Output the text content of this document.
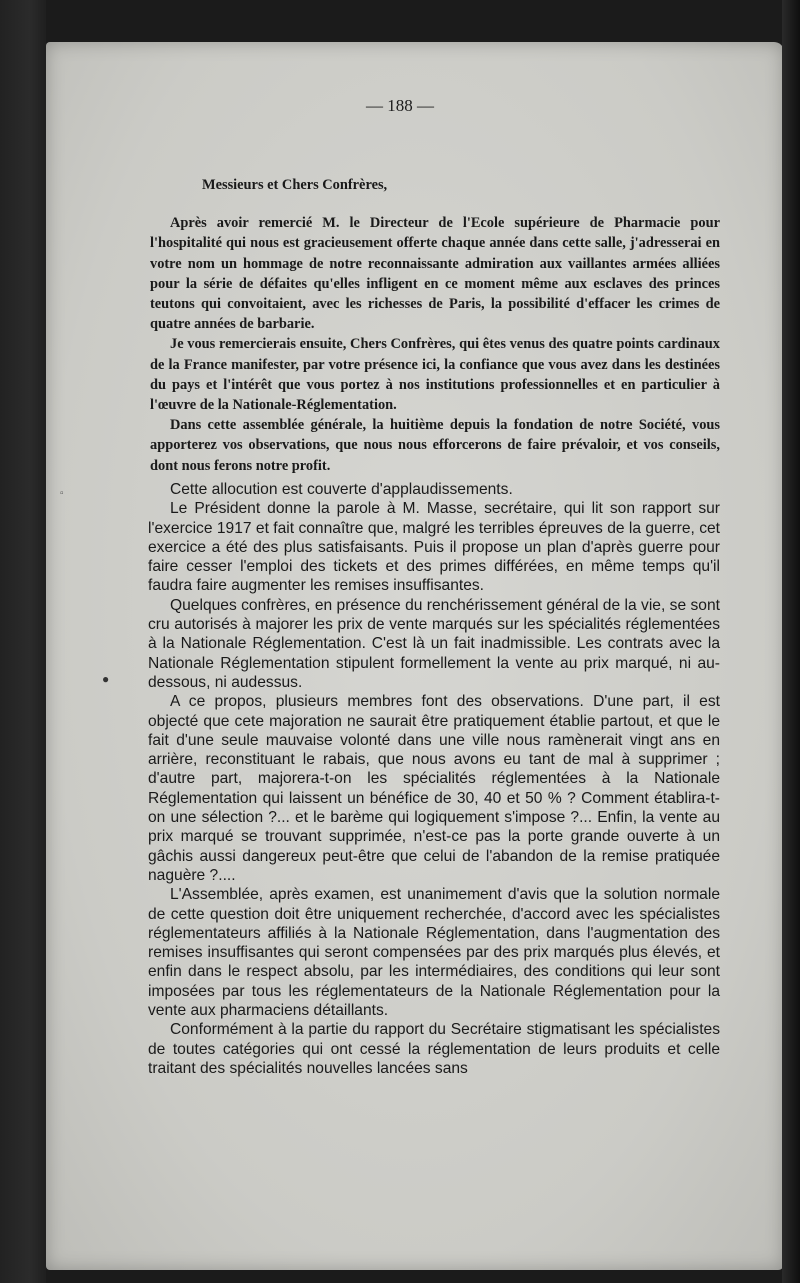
— 188 —
▫
●
Messieurs et Chers Confrères,

Après avoir remercié M. le Directeur de l'Ecole supérieure de Pharmacie pour l'hospitalité qui nous est gracieusement offerte chaque année dans cette salle, j'adresserai en votre nom un hommage de notre reconnaissante admiration aux vaillantes armées alliées pour la série de défaites qu'elles infligent en ce moment même aux esclaves des princes teutons qui convoitaient, avec les richesses de Paris, la possibilité d'effacer les crimes de quatre années de barbarie.

Je vous remercierais ensuite, Chers Confrères, qui êtes venus des quatre points cardinaux de la France manifester, par votre présence ici, la confiance que vous avez dans les destinées du pays et l'intérêt que vous portez à nos institutions professionnelles et en particulier à l'œuvre de la Nationale-Réglementation.

Dans cette assemblée générale, la huitième depuis la fondation de notre Société, vous apporterez vos observations, que nous nous efforcerons de faire prévaloir, et vos conseils, dont nous ferons notre profit.

Cette allocution est couverte d'applaudissements.

Le Président donne la parole à M. Masse, secrétaire, qui lit son rapport sur l'exercice 1917 et fait connaître que, malgré les terribles épreuves de la guerre, cet exercice a été des plus satisfaisants. Puis il propose un plan d'après guerre pour faire cesser l'emploi des tickets et des primes différées, en même temps qu'il faudra faire augmenter les remises insuffisantes.

Quelques confrères, en présence du renchérissement général de la vie, se sont cru autorisés à majorer les prix de vente marqués sur les spécialités réglementées à la Nationale Réglementation. C'est là un fait inadmissible. Les contrats avec la Nationale Réglementation stipulent formellement la vente au prix marqué, ni au-dessous, ni audessus.

A ce propos, plusieurs membres font des observations. D'une part, il est objecté que cete majoration ne saurait être pratiquement établie partout, et que le fait d'une seule mauvaise volonté dans une ville nous ramènerait vingt ans en arrière, reconstituant le rabais, que nous avons eu tant de mal à supprimer ; d'autre part, majorera-t-on les spécialités réglementées à la Nationale Réglementation qui laissent un bénéfice de 30, 40 et 50 % ? Comment établira-t-on une sélection ?... et le barème qui logiquement s'impose ?... Enfin, la vente au prix marqué se trouvant supprimée, n'est-ce pas la porte grande ouverte à un gâchis aussi dangereux peut-être que celui de l'abandon de la remise pratiquée naguère ?....

L'Assemblée, après examen, est unanimement d'avis que la solution normale de cette question doit être uniquement recherchée, d'accord avec les spécialistes réglementateurs affiliés à la Nationale Réglementation, dans l'augmentation des remises insuffisantes qui seront compensées par des prix marqués plus élevés, et enfin dans le respect absolu, par les intermédiaires, des conditions qui leur sont imposées par tous les réglementateurs de la Nationale Réglementation pour la vente aux pharmaciens détaillants.

Conformément à la partie du rapport du Secrétaire stigmatisant les spécialistes de toutes catégories qui ont cessé la réglementation de leurs produits et celle traitant des spécialités nouvelles lancées sans
